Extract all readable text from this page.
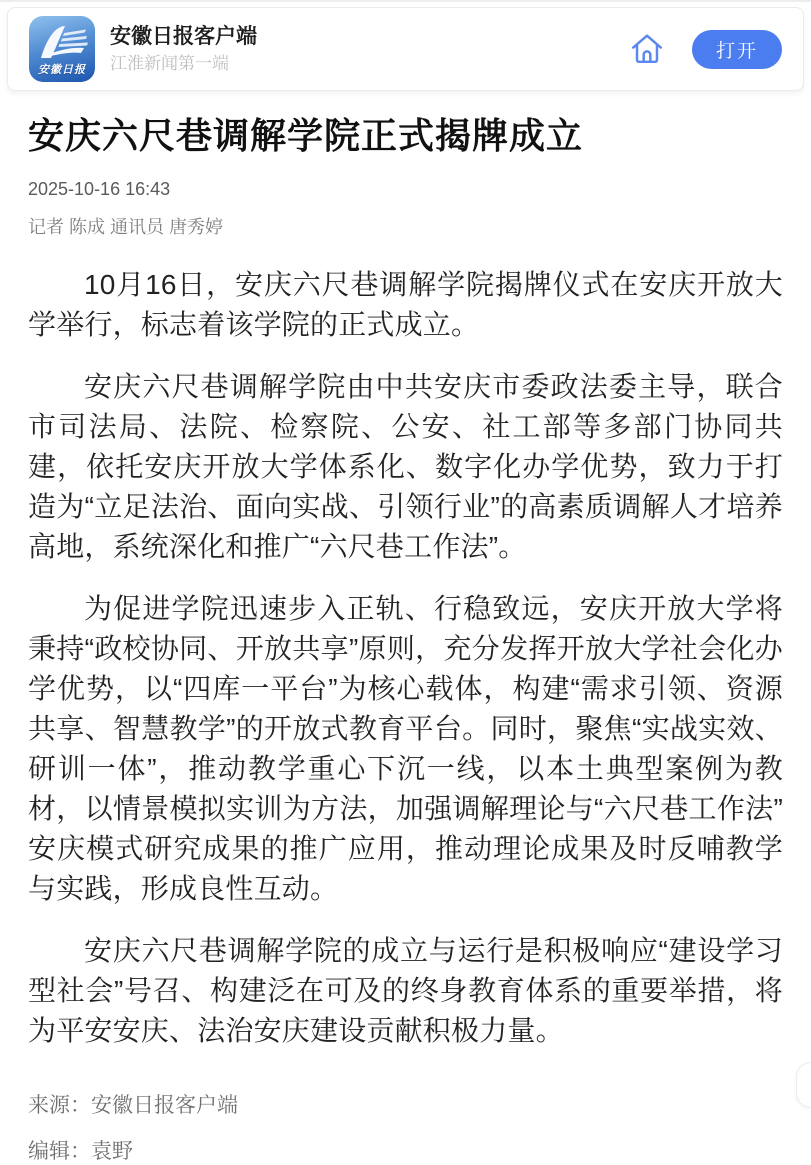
安徽日报
安徽日报客户端
江淮新闻第一端
打开
安庆六尺巷调解学院正式揭牌成立
2025-10-16 16:43
记者 陈成 通讯员 唐秀婷

10月16日，安庆六尺巷调解学院揭牌仪式在安庆开放大学举行，标志着该学院的正式成立。

安庆六尺巷调解学院由中共安庆市委政法委主导，联合市司法局、法院、检察院、公安、社工部等多部门协同共建，依托安庆开放大学体系化、数字化办学优势，致力于打造为“立足法治、面向实战、引领行业”的高素质调解人才培养高地，系统深化和推广“六尺巷工作法”。

为促进学院迅速步入正轨、行稳致远，安庆开放大学将秉持“政校协同、开放共享”原则，充分发挥开放大学社会化办学优势，以“四库一平台”为核心载体，构建“需求引领、资源共享、智慧教学”的开放式教育平台。同时，聚焦“实战实效、研训一体”，推动教学重心下沉一线，以本土典型案例为教材，以情景模拟实训为方法，加强调解理论与“六尺巷工作法”安庆模式研究成果的推广应用，推动理论成果及时反哺教学与实践，形成良性互动。

安庆六尺巷调解学院的成立与运行是积极响应“建设学习型社会”号召、构建泛在可及的终身教育体系的重要举措，将为平安安庆、法治安庆建设贡献积极力量。

来源：安徽日报客户端
编辑：袁野
